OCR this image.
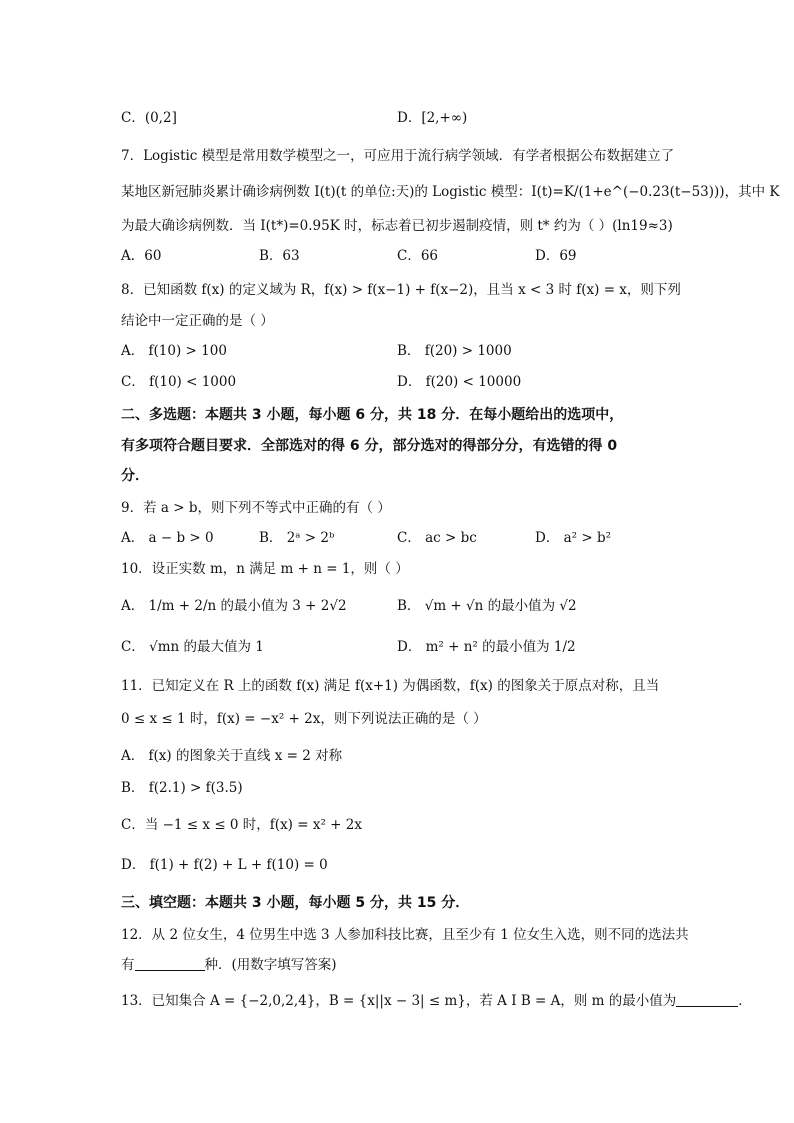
C．(0,2]	D．[2,+∞)
7．Logistic 模型是常用数学模型之一，可应用于流行病学领域．有学者根据公布数据建立了
某地区新冠肺炎累计确诊病例数 I(t)(t 的单位:天)的 Logistic 模型：I(t)=K/(1+e^(−0.23(t−53)))，其中 K
为最大确诊病例数．当 I(t*)=0.95K 时，标志着已初步遏制疫情，则 t* 约为（ ）(ln19≈3)
A．60	B．63	C．66	D．69
8．已知函数 f(x) 的定义域为 R，f(x) > f(x−1) + f(x−2)，且当 x < 3 时 f(x) = x，则下列
结论中一定正确的是（ ）
A． f(10) > 100	B． f(20) > 1000
C． f(10) < 1000	D． f(20) < 10000
二、多选题：本题共 3 小题，每小题 6 分，共 18 分．在每小题给出的选项中，
有多项符合题目要求．全部选对的得 6 分，部分选对的得部分分，有选错的得 0
分．
9．若 a > b，则下列不等式中正确的有（ ）
A． a − b > 0	B． 2ᵃ > 2ᵇ	C． ac > bc	D． a² > b²
10．设正实数 m，n 满足 m + n = 1，则（ ）
A． 1/m + 2/n 的最小值为 3 + 2√2	B． √m + √n 的最小值为 √2
C． √mn 的最大值为 1	D． m² + n² 的最小值为 1/2
11．已知定义在 R 上的函数 f(x) 满足 f(x+1) 为偶函数，f(x) 的图象关于原点对称，且当
0 ≤ x ≤ 1 时，f(x) = −x² + 2x，则下列说法正确的是（ ）
A． f(x) 的图象关于直线 x = 2 对称
B． f(2.1) > f(3.5)
C．当 −1 ≤ x ≤ 0 时，f(x) = x² + 2x
D． f(1) + f(2) + L + f(10) = 0
三、填空题：本题共 3 小题，每小题 5 分，共 15 分．
12．从 2 位女生，4 位男生中选 3 人参加科技比赛，且至少有 1 位女生入选，则不同的选法共
有	种．(用数字填写答案)
13．已知集合 A = {−2,0,2,4}，B = {x||x − 3| ≤ m}，若 A I B = A，则 m 的最小值为	．
